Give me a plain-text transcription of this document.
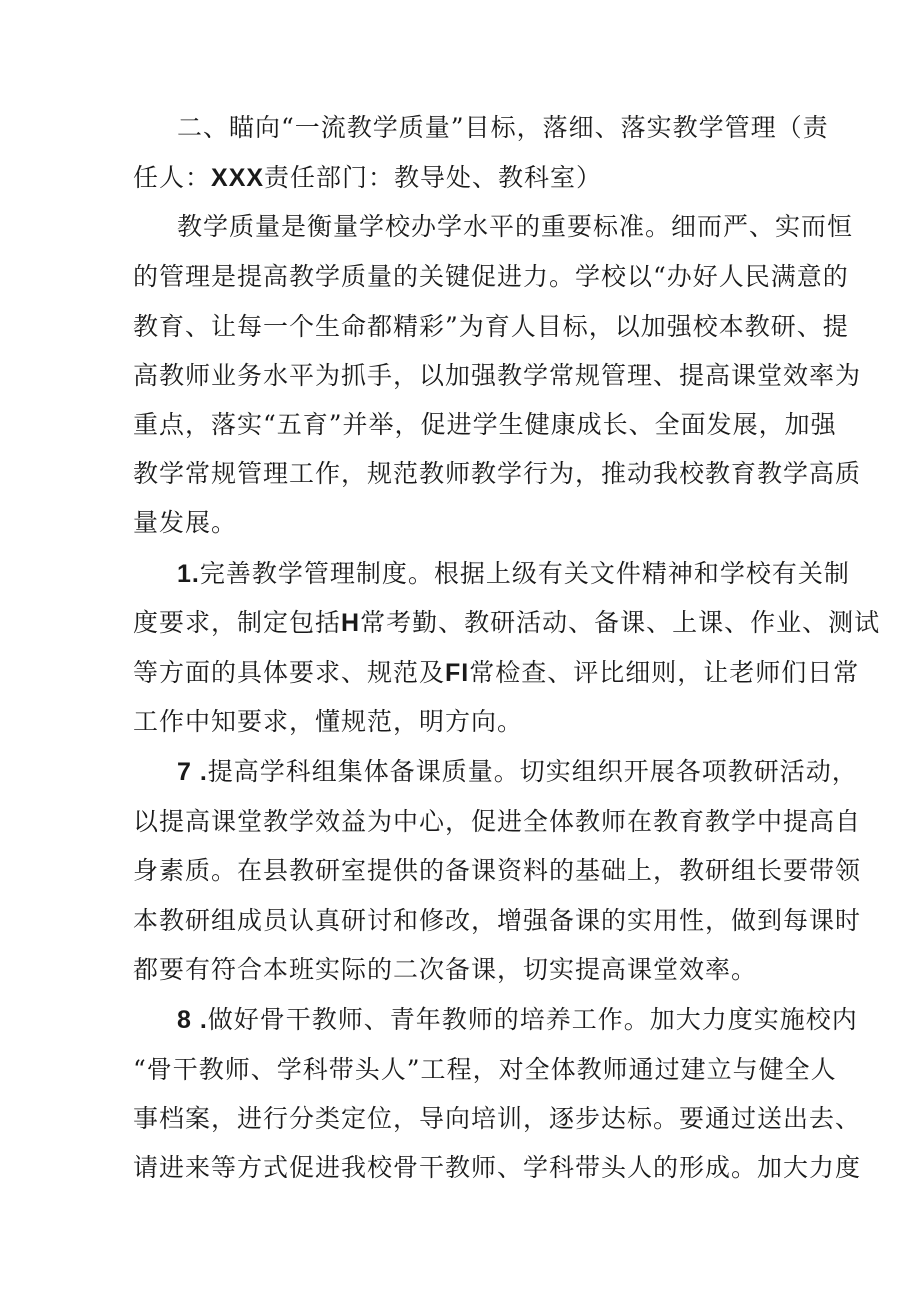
二、瞄向“一流教学质量”目标，落细、落实教学管理（责
任人：XXX责任部门：教导处、教科室）
教学质量是衡量学校办学水平的重要标准。细而严、实而恒
的管理是提高教学质量的关键促进力。学校以“办好人民满意的
教育、让每一个生命都精彩”为育人目标，以加强校本教研、提
高教师业务水平为抓手，以加强教学常规管理、提高课堂效率为
重点，落实“五育”并举，促进学生健康成长、全面发展，加强
教学常规管理工作，规范教师教学行为，推动我校教育教学高质
量发展。
1.完善教学管理制度。根据上级有关文件精神和学校有关制
度要求，制定包括H常考勤、教研活动、备课、上课、作业、测试
等方面的具体要求、规范及FI常检查、评比细则，让老师们日常
工作中知要求，懂规范，明方向。
7 .提高学科组集体备课质量。切实组织开展各项教研活动，
以提高课堂教学效益为中心，促进全体教师在教育教学中提高自
身素质。在县教研室提供的备课资料的基础上，教研组长要带领
本教研组成员认真研讨和修改，增强备课的实用性，做到每课时
都要有符合本班实际的二次备课，切实提高课堂效率。
8 .做好骨干教师、青年教师的培养工作。加大力度实施校内
“骨干教师、学科带头人”工程，对全体教师通过建立与健全人
事档案，进行分类定位，导向培训，逐步达标。要通过送出去、
请进来等方式促进我校骨干教师、学科带头人的形成。加大力度
